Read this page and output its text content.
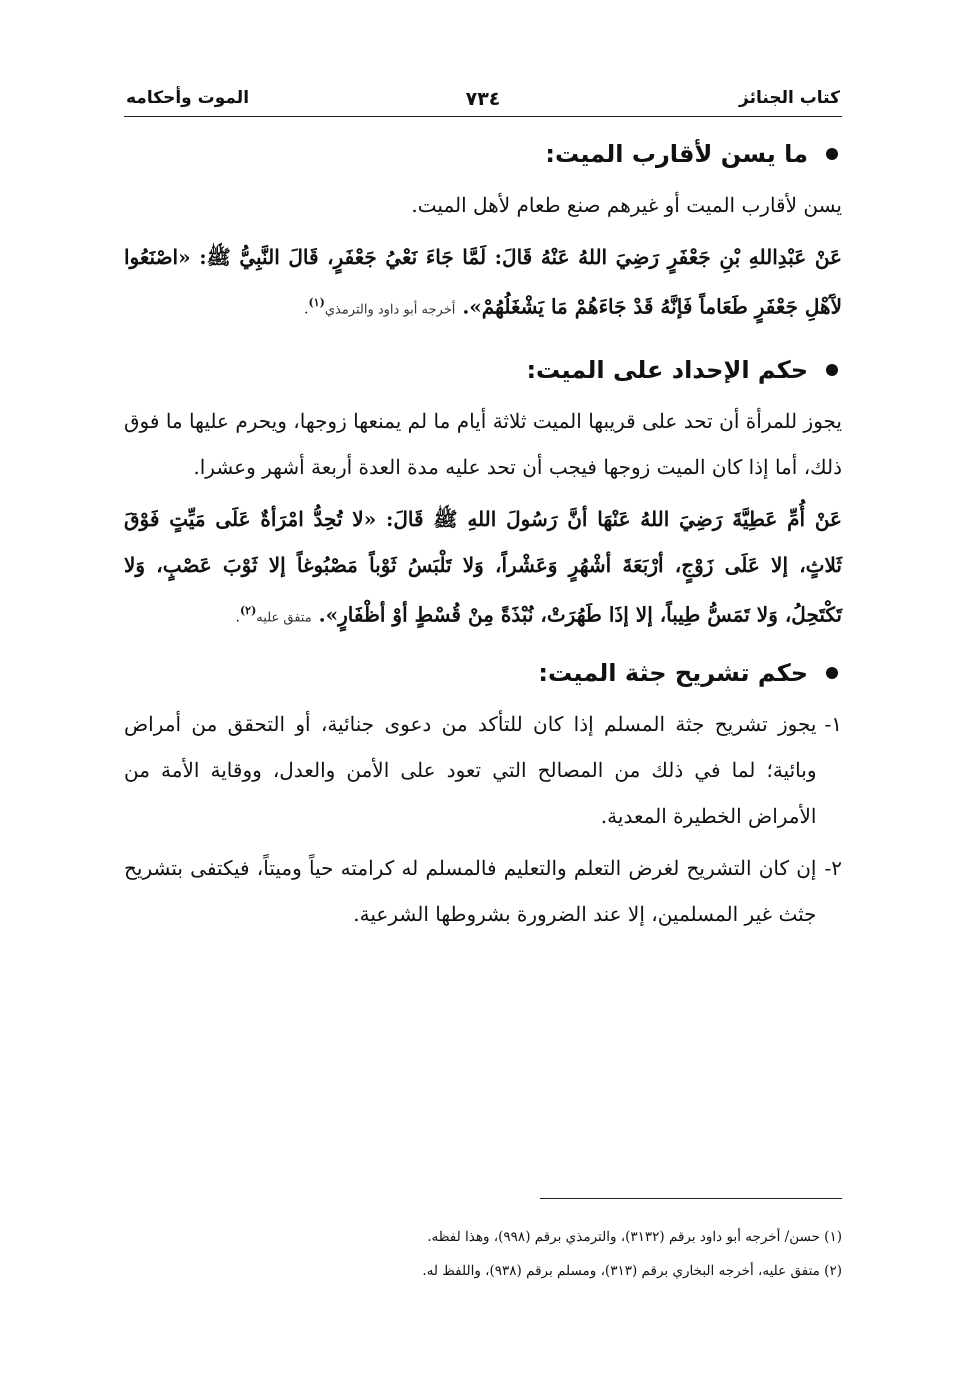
كتاب الجنائز
٧٣٤
الموت وأحكامه
ما يسن لأقارب الميت:

يسن لأقارب الميت أو غيرهم صنع طعام لأهل الميت.

عَنْ عَبْدِاللهِ بْنِ جَعْفَرٍ رَضِيَ اللهُ عَنْهُ قَالَ: لَمَّا جَاءَ نَعْيُ جَعْفَرٍ، قَالَ النَّبِيُّ ﷺ: «اصْنَعُوا لآَهْلِ جَعْفَرٍ طَعَاماً فَإنَّهُ قَدْ جَاءَهُمْ مَا يَشْغَلُهُمْ». أخرجه أبو داود والترمذي$^{(١)}$.

حكم الإحداد على الميت:

يجوز للمرأة أن تحد على قريبها الميت ثلاثة أيام ما لم يمنعها زوجها، ويحرم عليها ما فوق ذلك، أما إذا كان الميت زوجها فيجب أن تحد عليه مدة العدة أربعة أشهر وعشرا.

عَنْ أُمِّ عَطِيَّةَ رَضِيَ اللهُ عَنْهَا أنَّ رَسُولَ اللهِ ﷺ قَالَ: «لا تُحِدُّ امْرَأةٌ عَلَى مَيِّتٍ فَوْقَ ثَلاثٍ، إلا عَلَى زَوْجٍ، أرْبَعَةَ أشْهُرٍ وَعَشْراً، وَلا تَلْبَسُ ثَوْباً مَصْبُوغاً إلا ثَوْبَ عَصْبٍ، وَلا تَكْتَحِلُ، وَلا تَمَسُّ طِيباً، إلا إذَا طَهُرَتْ، نُبْذَةً مِنْ قُسْطٍ أوْ أظْفَارٍ». متفق عليه$^{(٢)}$.

حكم تشريح جثة الميت:
١-
يجوز تشريح جثة المسلم إذا كان للتأكد من دعوى جنائية، أو التحقق من أمراض وبائية؛ لما في ذلك من المصالح التي تعود على الأمن والعدل، ووقاية الأمة من الأمراض الخطيرة المعدية.
٢-
إن كان التشريح لغرض التعلم والتعليم فالمسلم له كرامته حياً وميتاً، فيكتفى بتشريح جثث غير المسلمين، إلا عند الضرورة بشروطها الشرعية.

(١) حسن/ أخرجه أبو داود برقم (٣١٣٢)، والترمذي برقم (٩٩٨)، وهذا لفظه.

(٢) متفق عليه، أخرجه البخاري برقم (٣١٣)، ومسلم برقم (٩٣٨)، واللفظ له.
